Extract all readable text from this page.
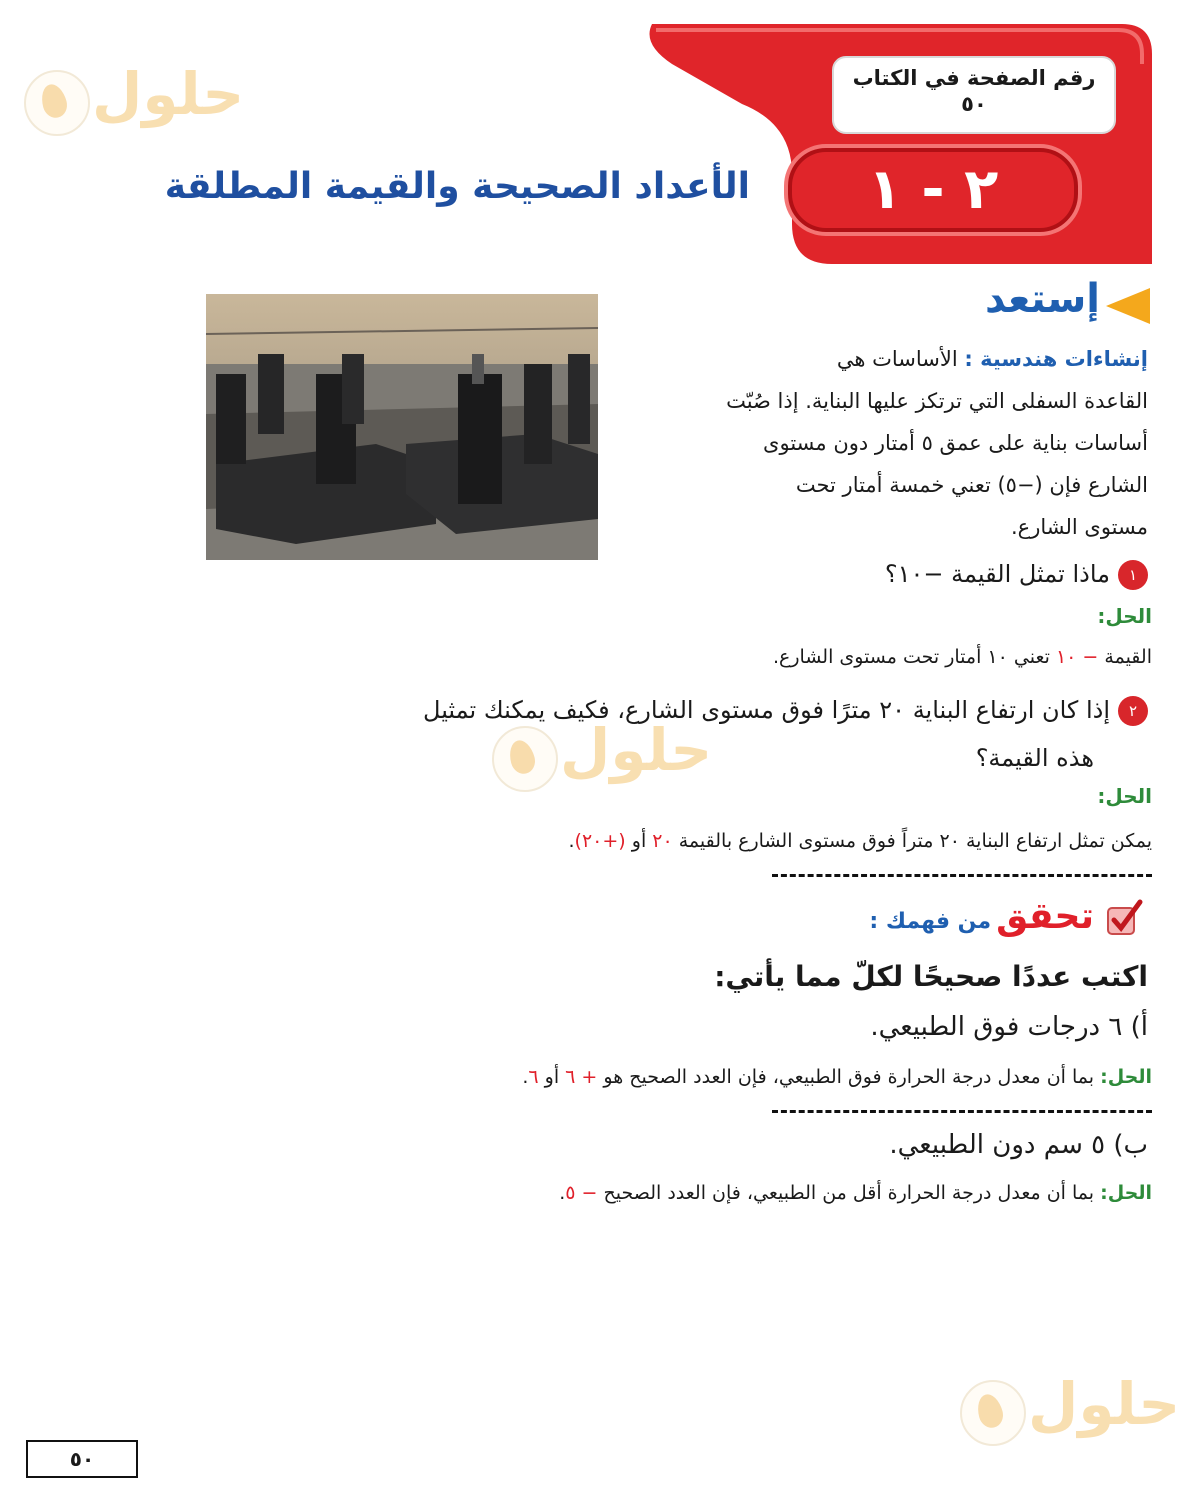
حلول
حلول
حلول
رقم الصفحة في الكتاب
٥٠
٢ - ١
الأعداد الصحيحة والقيمة المطلقة
إستعد
إنشاءات هندسية : الأساسات هي
القاعدة السفلى التي ترتكز عليها البناية. إذا صُبّت
أساسات بناية على عمق ٥ أمتار دون مستوى
الشارع فإن (−٥) تعني خمسة أمتار تحت
مستوى الشارع.
١ماذا تمثل القيمة −١٠؟
الحل:
القيمة − ١٠ تعني ١٠ أمتار تحت مستوى الشارع.
٢إذا كان ارتفاع البناية ٢٠ مترًا فوق مستوى الشارع، فكيف يمكنك تمثيل
هذه القيمة؟
الحل:
يمكن تمثل ارتفاع البناية ٢٠ متراً فوق مستوى الشارع بالقيمة ٢٠ أو (+٢٠).
تحقق من فهمك :
اكتب عددًا صحيحًا لكلّ مما يأتي:
أ) ٦ درجات فوق الطبيعي.
الحل: بما أن معدل درجة الحرارة فوق الطبيعي، فإن العدد الصحيح هو + ٦ أو ٦.
ب) ٥ سم دون الطبيعي.
الحل: بما أن معدل درجة الحرارة أقل من الطبيعي، فإن العدد الصحيح − ٥.
٥٠
